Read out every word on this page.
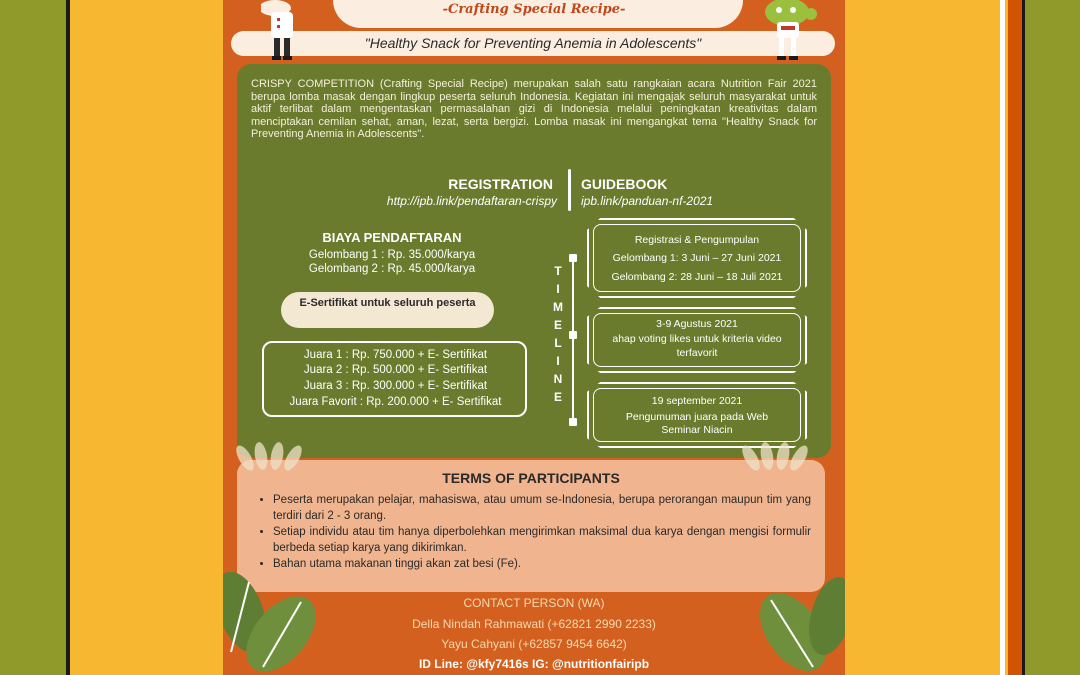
-Crafting Special Recipe-
"Healthy Snack for Preventing Anemia in Adolescents"

CRISPY COMPETITION (Crafting Special Recipe) merupakan salah satu rangkaian acara Nutrition Fair 2021 berupa lomba masak dengan lingkup peserta seluruh Indonesia. Kegiatan ini mengajak seluruh masyarakat untuk aktif terlibat dalam mengentaskan permasalahan gizi di Indonesia melalui peningkatan kreativitas dalam menciptakan cemilan sehat, aman, lezat, serta bergizi. Lomba masak ini mengangkat tema "Healthy Snack for Preventing Anemia in Adolescents".

REGISTRATION
http://ipb.link/pendaftaran-crispy
GUIDEBOOK
ipb.link/panduan-nf-2021
BIAYA PENDAFTARAN
Gelombang 1 : Rp. 35.000/karya
Gelombang 2 : Rp. 45.000/karya
E-Sertifikat untuk seluruh peserta
Juara 1 : Rp. 750.000 + E- Sertifikat
Juara 2 : Rp. 500.000 + E- Sertifikat
Juara 3 : Rp. 300.000 + E- Sertifikat
Juara Favorit : Rp. 200.000 + E- Sertifikat
T
I
M
E
L
I
N
E
Registrasi & Pengumpulan
Gelombang 1: 3 Juni – 27 Juni 2021
Gelombang 2: 28 Juni – 18 Juli 2021
3-9 Agustus 2021
ahap voting likes untuk kriteria video
terfavorit
19 september 2021
Pengumuman juara pada Web
Seminar Niacin
TERMS OF PARTICIPANTS
• Peserta merupakan pelajar, mahasiswa, atau umum se-Indonesia, berupa perorangan maupun tim yang terdiri dari 2 - 3 orang.
• Setiap individu atau tim hanya diperbolehkan mengirimkan maksimal dua karya dengan mengisi formulir berbeda setiap karya yang dikirimkan.
• Bahan utama makanan tinggi akan zat besi (Fe).
CONTACT PERSON (WA)
Della Nindah Rahmawati (+62821 2990 2233)
Yayu Cahyani (+62857 9454 6642)
ID Line: @kfy7416s IG: @nutritionfairipb
